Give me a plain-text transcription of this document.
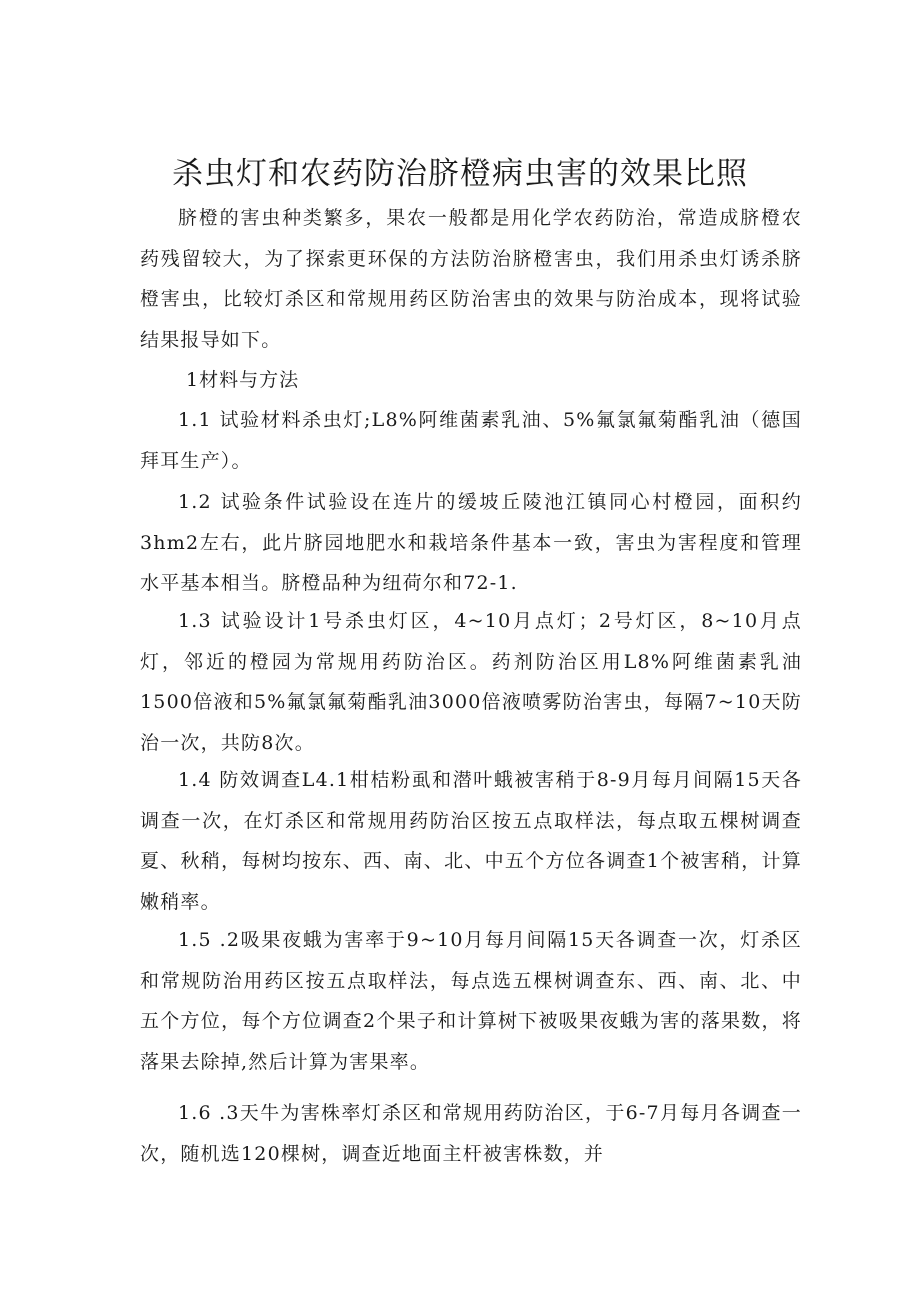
杀虫灯和农药防治脐橙病虫害的效果比照

脐橙的害虫种类繁多，果农一般都是用化学农药防治，常造成脐橙农药残留较大，为了探索更环保的方法防治脐橙害虫，我们用杀虫灯诱杀脐橙害虫，比较灯杀区和常规用药区防治害虫的效果与防治成本，现将试验结果报导如下。

1材料与方法

1.1 试验材料杀虫灯;L8%阿维菌素乳油、5%氟氯氟菊酯乳油（德国拜耳生产）。

1.2 试验条件试验设在连片的缓坡丘陵池江镇同心村橙园，面积约3hm2左右，此片脐园地肥水和栽培条件基本一致，害虫为害程度和管理水平基本相当。脐橙品种为纽荷尔和72-1.

1.3 试验设计1号杀虫灯区，4~10月点灯；2号灯区，8~10月点灯，邻近的橙园为常规用药防治区。药剂防治区用L8%阿维菌素乳油1500倍液和5%氟氯氟菊酯乳油3000倍液喷雾防治害虫，每隔7~10天防治一次，共防8次。

1.4 防效调查L4.1柑桔粉虱和潜叶蛾被害稍于8-9月每月间隔15天各调查一次，在灯杀区和常规用药防治区按五点取样法，每点取五棵树调查夏、秋稍，每树均按东、西、南、北、中五个方位各调查1个被害稍，计算嫩稍率。

1.5 .2吸果夜蛾为害率于9~10月每月间隔15天各调查一次，灯杀区和常规防治用药区按五点取样法，每点选五棵树调查东、西、南、北、中五个方位，每个方位调查2个果子和计算树下被吸果夜蛾为害的落果数，将落果去除掉,然后计算为害果率。

1.6 .3天牛为害株率灯杀区和常规用药防治区，于6-7月每月各调查一次，随机选120棵树，调查近地面主杆被害株数，并
